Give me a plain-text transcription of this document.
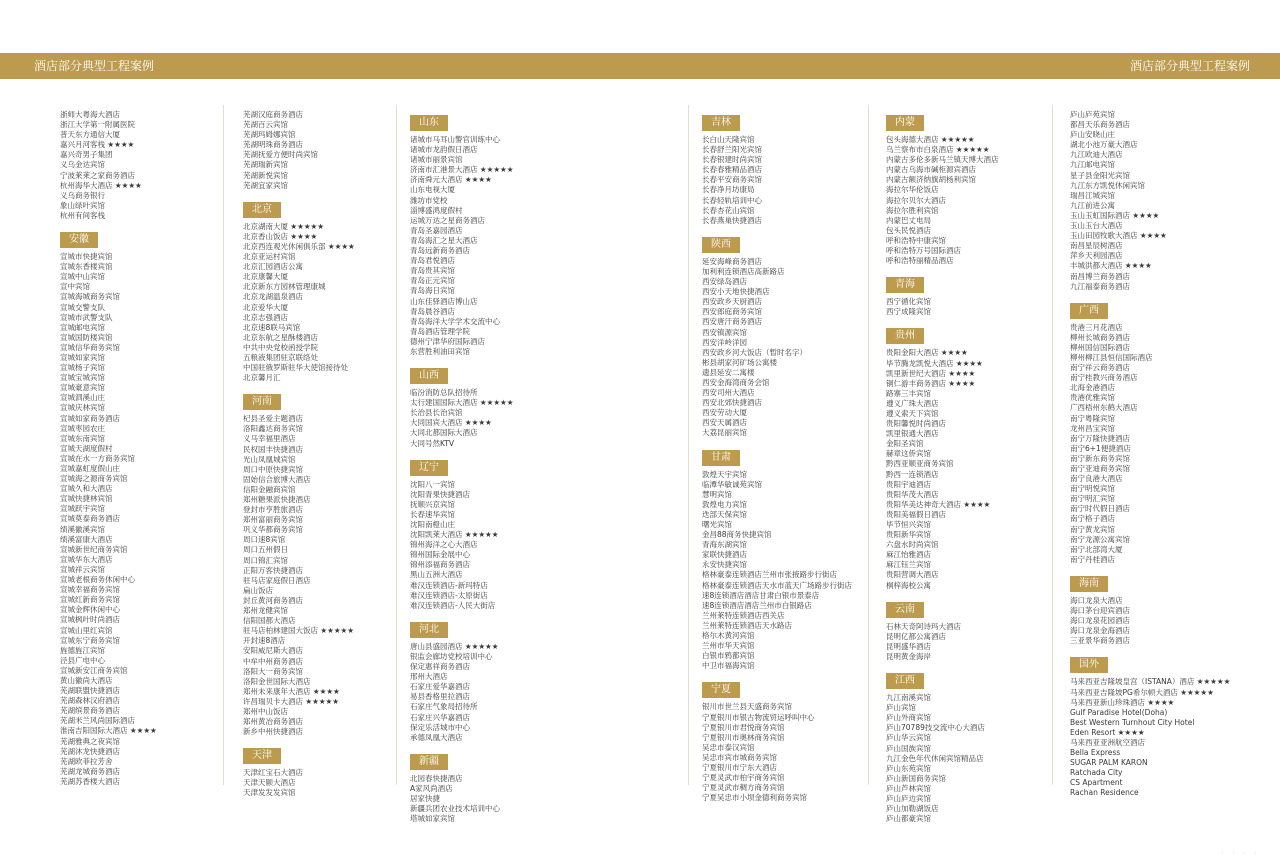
酒店部分典型工程案例	酒店部分典型工程案例
浙师大粤海大酒店
浙江大学第一附属医院
普天东方通信大厦
嘉兴月河客栈 ★★★★
嘉兴奇男子集团
义乌金达宾馆
宁波莱莱之家商务酒店
杭州海华大酒店 ★★★★
义乌商务银行
象山绿叶宾馆
杭州有间客栈
安徽
宣城市快捷宾馆
宣城东香楼宾馆
宣城中山宾馆
宣中宾馆
宣城海城商务宾馆
宣城交警支队
宣城市武警支队
宣城邮电宾馆
宣城国防楼宾馆
宣城信华商务宾馆
宣城如家宾馆
宣城杨子宾馆
宣城宝城宾馆
宣城豪意宾馆
宣城泗溪山庄
宣城庆林宾馆
宣城如家商务酒店
宣城枣园农庄
宣城东南宾馆
宣城天湖度假村
宣城在水一方商务宾馆
宣城嘉虹度假山庄
宣城海之源商务宾馆
宣城久和大酒店
宣城快捷林宾馆
宣城跃宇宾馆
宣城莫泰商务酒店
绩溪徽溪宾馆
绩溪富康大酒店
宣城新世纪商务宾馆
宣城华东大酒店
宣城祥云宾馆
宣城老根商务休闲中心
宣城幸福商务宾馆
宣城红新商务宾馆
宣城金辉休闲中心
宣城枫叶时尚酒店
宣城山里红宾馆
宣城东宁商务宾馆
旌德旌江宾馆
泾县广电中心
宣城新安江商务宾馆
黄山徽尚大酒店
芜湖联盟快捷酒店
芜湖森林汉府酒店
芜湖缤景商务酒店
芜湖米兰风尚国际酒店
淮南吉阳国际大酒店 ★★★★
芜湖雅典之夜宾馆
芜湖沐龙快捷酒店
芜湖欧菲拉芳舍
芜湖龙城商务酒店
芜湖苏香楼大酒店
芜湖汉庭商务酒店
芜湖百云宾馆
芜湖玛姆娜宾馆
芜湖明珠商务酒店
芜湖抚爱方便时尚宾馆
芜湖瑞新宾馆
芜湖新悦宾馆
芜湖宜家宾馆
北京
北京湖南大厦 ★★★★★
北京香山饭店 ★★★★
北京西连观光休闲俱乐部 ★★★★
北京亚运村宾馆
北京汇园酒店公寓
北京康馨大厦
北京新东方园林管理康城
北京龙湖温泉酒店
北京爱华大厦
北京志强酒店
北京速8联马宾馆
北京东航之星酥楼酒店
中共中央党校函授学院
五粮液集团驻京联络处
中国驻俄罗斯驻华大使馆接待处
北京馨月汇
河南
杞县圣爱主题酒店
洛阳鑫达商务宾馆
义马幸福里酒店
民权国丰快捷酒店
光山凤凰城宾馆
周口中原快捷宾馆
固始信合旅博大酒店
信阳金融商宾馆
郑州糖果派快捷酒店
登封市亨胜旅酒店
郑州富丽商务宾馆
巩义华都商务宾馆
周口速8宾馆
周口五州假日
周口锦汇宾馆
正阳万客快捷酒店
驻马店家庭假日酒店
扁山饭店
封丘黄河商务酒店
郑州龙健宾馆
信阳国都大酒店
驻马店柏林建国大饭店 ★★★★★
开封速8酒店
安阳威尼斯大酒店
中牟中州商务酒店
洛阳大一商务宾馆
洛阳金世国际大酒店
郑州未来康年大酒店 ★★★★
许昌瑞贝卡大酒店 ★★★★★
郑州中山饭店
郑州黄冶商务酒店
新乡中州快捷酒店
天津
天津红宝石大酒店
天津天颐大酒店
天津发发发宾馆
山东
诸城市马耳山警官训练中心
诸城市龙韵假日酒店
诸城市丽景宾馆
济南市汇港景大酒店 ★★★★★
济南舜元大酒店 ★★★★
山东电视大厦
潍坊市党校
淄博盛鸿度假村
运城万达之星商务酒店
青岛圣嘉园酒店
青岛海汇之星大酒店
青岛远新商务酒店
青岛君悦酒店
青岛贵其宾馆
青岛正元宾馆
青岛海日宾馆
山东佳驿酒店博山店
青岛晨谷酒店
青岛海洋大学学术交流中心
青岛酒店管理学院
德州宁津华府国际酒店
东营胜利油田宾馆
山西
临汾消防总队招待所
太行建国国际大酒店 ★★★★★
长治县长治宾馆
大同国宾大酒店 ★★★★
大同北都国际大酒店
大同号然KTV
辽宁
沈阳八一宾馆
沈阳青果快捷酒店
抚顺兴京宾馆
长春速华宾馆
沈阳南橙山庄
沈阳凯莱大酒店 ★★★★★
锦州海洋之心大酒店
锦州国际金展中心
锦州添福商务酒店
黑山五洲大酒店
难汉连锁酒店-新玛特店
难汉连锁酒店-太原街店
难汉连锁酒店-人民大街店
河北
唐山县盛园酒店 ★★★★★
银监会廊坊党校培训中心
保定惠祥商务酒店
邢州大酒店
石家庄爱华嘉酒店
易县香格里拉酒店
石家庄气象局招待所
石家庄兴华嘉酒店
保定乐活城市中心
承德凤凰大酒店
新疆
北园春快捷酒店
A家风尚酒店
居家快捷
新疆兵团农业技术培训中心
塔城如家宾馆
吉林
长白山天隆宾馆
长春舒兰阳光宾馆
长春银建时尚宾馆
长春春雅精品酒店
长春平安商务宾馆
长春净月坊康局
长春轻轨培训中心
长春杏花山宾馆
长春燕巢快捷酒店
陕西
延安海峰商务酒店
加利利连锁酒店高新路店
西安绿岛酒店
西安小天地快捷酒店
西安政乡天厨酒店
西安郎庭商务宾馆
西安唐汗商务酒店
西安镇源宾馆
西安洋岭洋园
西安政乡河大饭店（暂时名字）
彬县胡家河矿场公寓楼
遗县延安二寓楼
西安金海湾商务会馆
西安司州大酒店
西安北郊快捷酒店
西安劳动大厦
西安天属酒店
大荔昆丽宾馆
甘肃
敦煌天宇宾馆
临潭华敏诚苑宾馆
慧明宾馆
敦煌电力宾馆
迭部天保宾馆
曙光宾馆
金昌88商务快捷宾馆
青海东湖宾馆
家联快捷酒店
永安快捷宾馆
格林豪泰连锁酒店兰州市张掖路步行街店
格林豪泰连锁酒店天水市蓝天广场路步行街店
速8连锁酒店酒店甘肃白银市景泰店
速8连锁酒店酒店兰州市白银路店
兰州莱特连锁酒店西关店
兰州莱特连锁酒店天水路店
格尔木黄河宾馆
兰州市华天宾馆
白银市鸦都宾馆
中卫市福海宾馆
宁夏
银川市世兰县天盛商务宾馆
宁夏银川市银古物流贸运呼叫中心
宁夏银川市君悦商务宾馆
宁夏银川市奥林商务宾馆
吴忠市泰汉宾馆
吴忠市宾市城商务宾馆
宁夏银川市宁东大酒店
宁夏灵武市柏宇商务宾馆
宁夏灵武市稠方商务宾馆
宁夏吴忠市小坝金德利商务宾馆
内蒙
包头海德大酒店 ★★★★★
乌兰察布市白泉酒店 ★★★★★
内蒙古多伦多新马兰镇天博大酒店
内蒙古乌海市碱柜源宾酒店
内蒙古额济纳旗胡杨利宾馆
海拉尔华伦饭店
海拉尔贝尔大酒店
海拉尔胜利宾馆
内蒙巴丈电局
包头民悦酒店
呼和浩特中康宾馆
呼和浩特万号国际酒店
呼和浩特丽精品酒店
青海
西宁循化宾馆
西宁成隆宾馆
贵州
贵阳金阳大酒店 ★★★★
毕节腾龙凯悦大酒店 ★★★★
凯里新世纪大酒店 ★★★★
铜仁游丰商务酒店 ★★★★
路寨三丰宾馆
遵义广珠大酒店
遵义索天下宾馆
贵阳馨悦时尚酒店
凯里银通大酒店
金阳圣宾馆
赫章这侨宾馆
黔西亚顺亚商务宾馆
黔西一连锁酒店
贵阳宇迪酒店
贵阳华茂大酒店
贵阳华美达神奇大酒店 ★★★★
贵阳美福假日酒店
毕节恒兴宾馆
贵阳新华宾馆
六盘水时尚宾馆
麻江怡雅酒店
麻江钰兰宾馆
贵阳营调大酒店
桐梓海校公寓
云南
石林天奇阿诗玛大酒店
昆明亿都公寓酒店
昆明盛华酒店
昆明黄金海岸
江西
九江南溪宾馆
庐山宾馆
庐山外商宾馆
庐山70789技交流中心大酒店
庐山华云宾馆
庐山国族宾馆
九江金色年代休闲宾馆精品店
庐山东苑宾馆
庐山新国商务宾馆
庐山芦林宾馆
庐山庐边宾馆
庐山加勒湖饭店
庐山都豪宾馆
庐山庐苑宾馆
都昌天乐商务酒店
庐山安晓山庄
湖北小池万豪大酒店
九江欧迪大酒店
九江邮电宾馆
星子县金阳光宾馆
九江东方凯悦休闲宾馆
瑞昌江城宾馆
九江前进公寓
玉山玉虹国际酒店 ★★★★
玉山玉台大酒店
玉山田园牧歌大酒店 ★★★★
南昌星辰树酒店
萍乡天利园酒店
丰城洪都大酒店 ★★★★
南昌博兰商务酒店
九江福泰商务酒店
广西
贵港三月花酒店
柳州长城商务酒店
柳州国信国际酒店
柳州柳江县恒信国际酒店
南宁祥云商务酒店
南宁桂教兴商务酒店
北海金港酒店
贵港优雅宾馆
广西梧州东鹤大酒店
南宁粤隆宾馆
龙州昌宝宾馆
南宁万隆快捷酒店
南宁6+1便捷酒店
南宁新东商务宾馆
南宁亚迪商务宾馆
南宁良港大酒店
南宁明悦宾馆
南宁明汇宾馆
南宁时代假日酒店
南宁格子酒店
南宁黄龙宾馆
南宁龙源公寓宾馆
南宁北部湾大厦
南宁丹桂酒店
海南
海口龙泉大酒店
海口茅台迎宾酒店
海口龙泉花园酒店
海口龙泉金海酒店
三亚景华商务酒店
国外
马来西亚吉隆坡皇宫（ISTANA）酒店 ★★★★★
马来西亚吉隆坡PG希尔顿大酒店 ★★★★★
马来西亚新山珍珠酒店 ★★★★
Gulf Paradise Hotel(Doha)
Best Western Turnhout City Hotel
Eden Resort ★★★★
马来西亚亚洲航空酒店
Bella Express
SUGAR PALM KARON
Ratchada City
CS Apartment
Rachan Residence
· · · ·
